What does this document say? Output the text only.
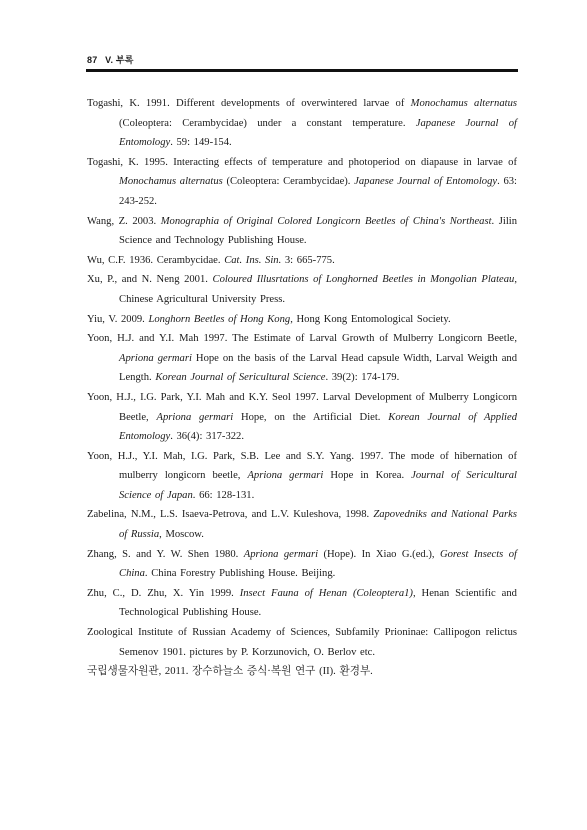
87 V. 부록
Togashi, K. 1991. Different developments of overwintered larvae of Monochamus alternatus (Coleoptera: Cerambycidae) under a constant temperature. Japanese Journal of Entomology. 59: 149-154.
Togashi, K. 1995. Interacting effects of temperature and photoperiod on diapause in larvae of Monochamus alternatus (Coleoptera: Cerambycidae). Japanese Journal of Entomology. 63: 243-252.
Wang, Z. 2003. Monographia of Original Colored Longicorn Beetles of China's Northeast. Jilin Science and Technology Publishing House.
Wu, C.F. 1936. Cerambycidae. Cat. Ins. Sin. 3: 665-775.
Xu, P., and N. Neng 2001. Coloured Illusrtations of Longhorned Beetles in Mongolian Plateau, Chinese Agricultural University Press.
Yiu, V. 2009. Longhorn Beetles of Hong Kong, Hong Kong Entomological Society.
Yoon, H.J. and Y.I. Mah 1997. The Estimate of Larval Growth of Mulberry Longicorn Beetle, Apriona germari Hope on the basis of the Larval Head capsule Width, Larval Weigth and Length. Korean Journal of Sericultural Science. 39(2): 174-179.
Yoon, H.J., I.G. Park, Y.I. Mah and K.Y. Seol 1997. Larval Development of Mulberry Longicorn Beetle, Apriona germari Hope, on the Artificial Diet. Korean Journal of Applied Entomology. 36(4): 317-322.
Yoon, H.J., Y.I. Mah, I.G. Park, S.B. Lee and S.Y. Yang. 1997. The mode of hibernation of mulberry longicorn beetle, Apriona germari Hope in Korea. Journal of Sericultural Science of Japan. 66: 128-131.
Zabelina, N.M., L.S. Isaeva-Petrova, and L.V. Kuleshova, 1998. Zapovedniks and National Parks of Russia, Moscow.
Zhang, S. and Y. W. Shen 1980. Apriona germari (Hope). In Xiao G.(ed.), Gorest Insects of China. China Forestry Publishing House. Beijing.
Zhu, C., D. Zhu, X. Yin 1999. Insect Fauna of Henan (Coleoptera1), Henan Scientific and Technological Publishing House.
Zoological Institute of Russian Academy of Sciences, Subfamily Prioninae: Callipogon relictus Semenov 1901. pictures by P. Korzunovich, O. Berlov etc.
국립생물자원관, 2011. 장수하늘소 증식·복원 연구 (II). 환경부.
